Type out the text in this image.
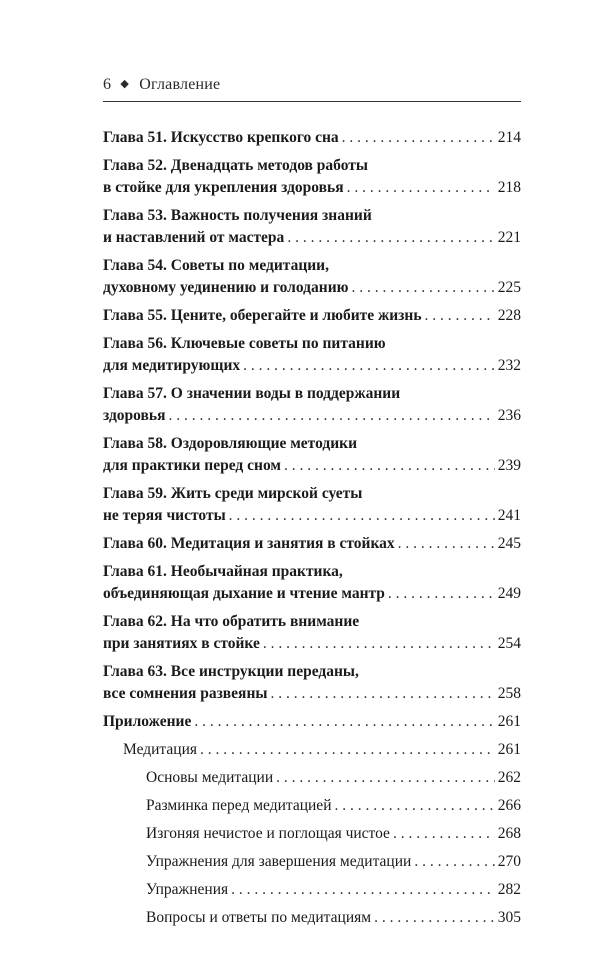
6 ◆ Оглавление
Глава 51. Искусство крепкого сна . . .	214
Глава 52. Двенадцать методов работы
в стойке для укрепления здоровья . . .	218
Глава 53. Важность получения знаний
и наставлений от мастера . . .	221
Глава 54. Советы по медитации,
духовному уединению и голоданию . . .	225
Глава 55. Цените, оберегайте и любите жизнь . . .	228
Глава 56. Ключевые советы по питанию
для медитирующих . . .	232
Глава 57. О значении воды в поддержании
здоровья . . .	236
Глава 58. Оздоровляющие методики
для практики перед сном . . .	239
Глава 59. Жить среди мирской суеты
не теряя чистоты . . .	241
Глава 60. Медитация и занятия в стойках . . .	245
Глава 61. Необычайная практика,
объединяющая дыхание и чтение мантр . . .	249
Глава 62. На что обратить внимание
при занятиях в стойке . . .	254
Глава 63. Все инструкции переданы,
все сомнения развеяны . . .	258
Приложение . . .	261
Медитация . . .	261
Основы медитации . . .	262
Разминка перед медитацией . . .	266
Изгоняя нечистое и поглощая чистое . . .	268
Упражнения для завершения медитации . . .	270
Упражнения . . .	282
Вопросы и ответы по медитациям . . .	305
